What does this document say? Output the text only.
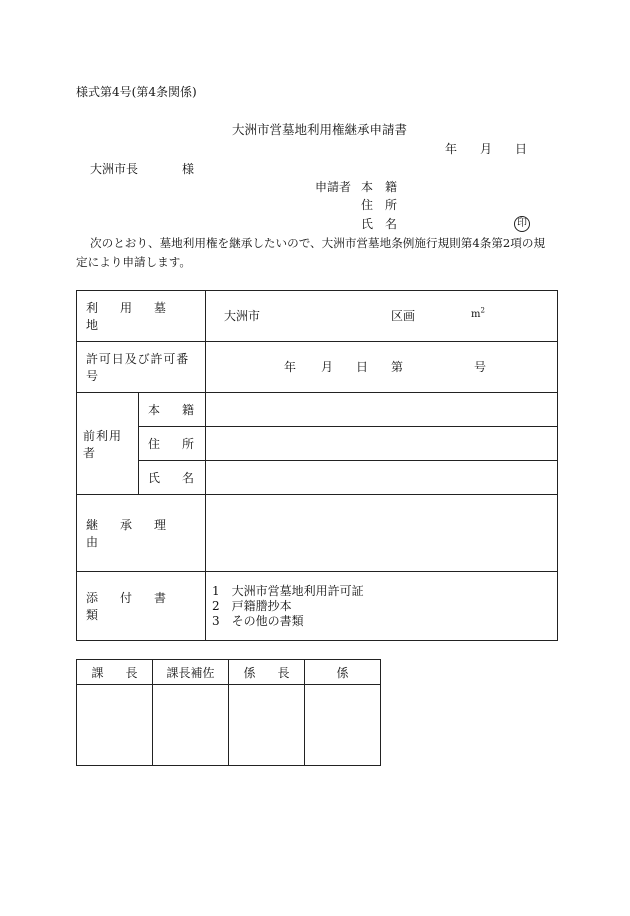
様式第4号(第4条関係)
大洲市営墓地利用権継承申請書
年 月 日
大洲市長	様
申請者 本　籍
住　所
氏　名	印
次のとおり、墓地利用権を継承したいので、大洲市営墓地条例施行規則第4条第2項の規
定により申請します。
利用墓地		大洲市 区画 $m^2$

許可日及び許可番号		年 月 日 第 号

前利用者	本籍	

	住所	

	氏名	

継承理由		
添付書類		1　大洲市営墓地利用許可証
2　戸籍謄抄本
3　その他の書類
課長	課長補佐	係長	係
